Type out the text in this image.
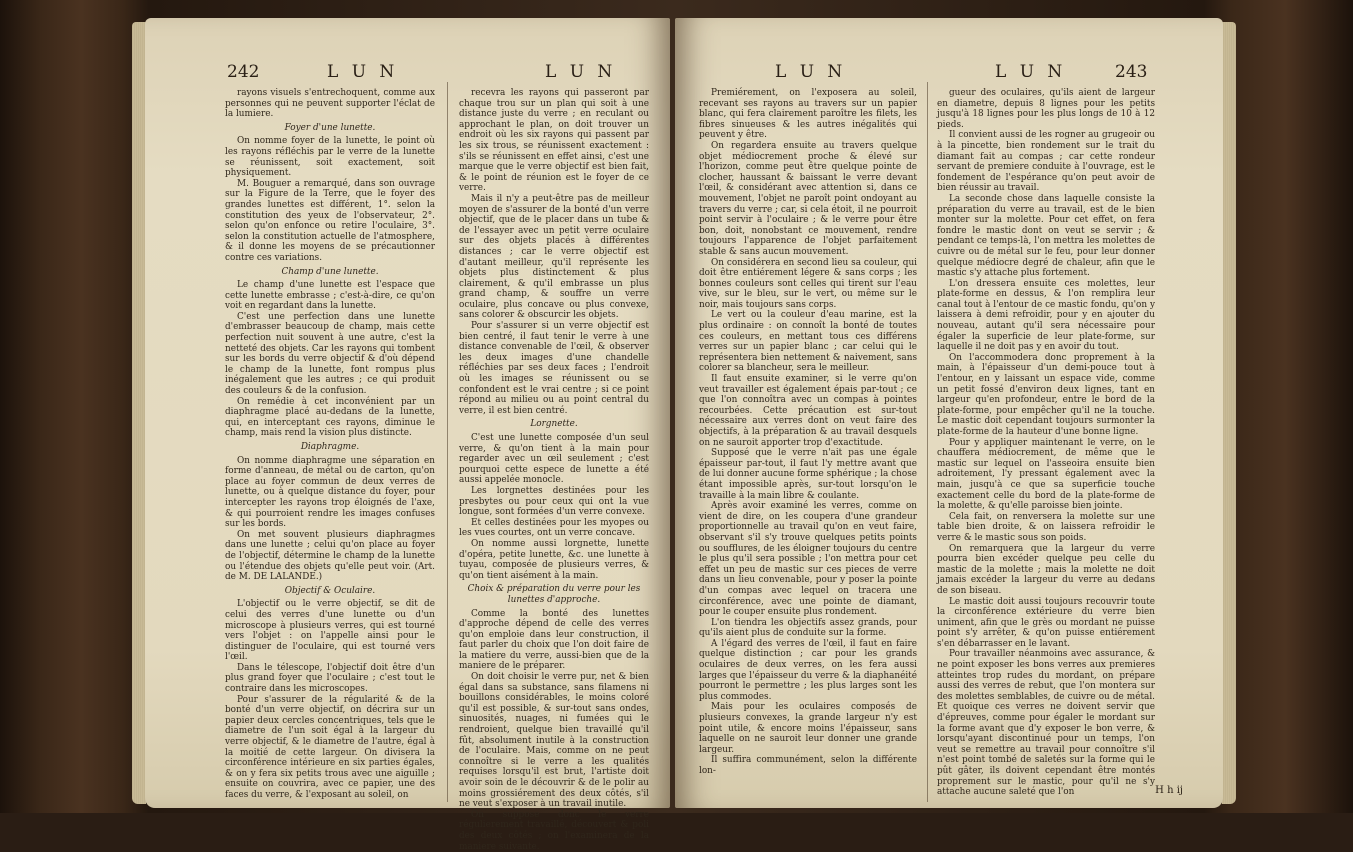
242	L U N	L U N

rayons visuels s'entrechoquent, comme aux personnes qui ne peuvent supporter l'éclat de la lumiere.

Foyer d'une lunette.

On nomme foyer de la lunette, le point où les rayons réfléchis par le verre de la lunette se réunissent, soit exactement, soit physiquement.

M. Bouguer a remarqué, dans son ouvrage sur la Figure de la Terre, que le foyer des grandes lunettes est différent, 1°. selon la constitution des yeux de l'observateur, 2°. selon qu'on enfonce ou retire l'oculaire, 3°. selon la constitution actuelle de l'atmosphere, & il donne les moyens de se précautionner contre ces variations.

Champ d'une lunette.

Le champ d'une lunette est l'espace que cette lunette embrasse ; c'est-à-dire, ce qu'on voit en regardant dans la lunette.

C'est une perfection dans une lunette d'embrasser beaucoup de champ, mais cette perfection nuit souvent à une autre, c'est la netteté des objets. Car les rayons qui tombent sur les bords du verre objectif & d'où dépend le champ de la lunette, font rompus plus inégalement que les autres ; ce qui produit des couleurs & de la confusion.

On remédie à cet inconvénient par un diaphragme placé au-dedans de la lunette, qui, en interceptant ces rayons, diminue le champ, mais rend la vision plus distincte.

Diaphragme.

On nomme diaphragme une séparation en forme d'anneau, de métal ou de carton, qu'on place au foyer commun de deux verres de lunette, ou à quelque distance du foyer, pour intercepter les rayons trop éloignés de l'axe, & qui pourroient rendre les images confuses sur les bords.

On met souvent plusieurs diaphragmes dans une lunette ; celui qu'on place au foyer de l'objectif, détermine le champ de la lunette ou l'étendue des objets qu'elle peut voir. (Art. de M. DE LALANDE.)

Objectif & Oculaire.

L'objectif ou le verre objectif, se dit de celui des verres d'une lunette ou d'un microscope à plusieurs verres, qui est tourné vers l'objet : on l'appelle ainsi pour le distinguer de l'oculaire, qui est tourné vers l'œil.

Dans le télescope, l'objectif doit être d'un plus grand foyer que l'oculaire ; c'est tout le contraire dans les microscopes.

Pour s'assurer de la régularité & de la bonté d'un verre objectif, on décrira sur un papier deux cercles concentriques, tels que le diametre de l'un soit égal à la largeur du verre objectif, & le diametre de l'autre, égal à la moitié de cette largeur. On divisera la circonférence intérieure en six parties égales, & on y fera six petits trous avec une aiguille ; ensuite on couvrira, avec ce papier, une des faces du verre, & l'exposant au soleil, on

recevra les rayons qui passeront par chaque trou sur un plan qui soit à une distance juste du verre ; en reculant ou approchant le plan, on doit trouver un endroit où les six rayons qui passent par les six trous, se réunissent exactement : s'ils se réunissent en effet ainsi, c'est une marque que le verre objectif est bien fait, & le point de réunion est le foyer de ce verre.

Mais il n'y a peut-être pas de meilleur moyen de s'assurer de la bonté d'un verre objectif, que de le placer dans un tube & de l'essayer avec un petit verre oculaire sur des objets placés à différentes distances ; car le verre objectif est d'autant meilleur, qu'il représente les objets plus distinctement & plus clairement, & qu'il embrasse un plus grand champ, & souffre un verre oculaire, plus concave ou plus convexe, sans colorer & obscurcir les objets.

Pour s'assurer si un verre objectif est bien centré, il faut tenir le verre à une distance convenable de l'œil, & observer les deux images d'une chandelle réfléchies par ses deux faces ; l'endroit où les images se réunissent ou se confondent est le vrai centre ; si ce point répond au milieu ou au point central du verre, il est bien centré.

Lorgnette.

C'est une lunette composée d'un seul verre, & qu'on tient à la main pour regarder avec un œil seulement ; c'est pourquoi cette espece de lunette a été aussi appelée monocle.

Les lorgnettes destinées pour les presbytes ou pour ceux qui ont la vue longue, sont formées d'un verre convexe.

Et celles destinées pour les myopes ou les vues courtes, ont un verre concave.

On nomme aussi lorgnette, lunette d'opéra, petite lunette, &c. une lunette à tuyau, composée de plusieurs verres, & qu'on tient aisément à la main.

Choix & préparation du verre pour les lunettes d'approche.

Comme la bonté des lunettes d'approche dépend de celle des verres qu'on emploie dans leur construction, il faut parler du choix que l'on doit faire de la matiere du verre, aussi-bien que de la maniere de le préparer.

On doit choisir le verre pur, net & bien égal dans sa substance, sans filamens ni bouillons considérables, le moins coloré qu'il est possible, & sur-tout sans ondes, sinuosités, nuages, ni fumées qui le rendroient, quelque bien travaillé qu'il fût, absolument inutile à la construction de l'oculaire. Mais, comme on ne peut connoître si le verre a les qualités requises lorsqu'il est brut, l'artiste doit avoir soin de le découvrir & de le polir au moins grossiérement des deux côtés, s'il ne veut s'exposer à un travail inutile.

On suppose donc le verre régulierement travaillé, découvert & poli des deux côtés ; on l'examinera de la maniere suivante.

L U N	L U N	243

Premiérement, on l'exposera au soleil, recevant ses rayons au travers sur un papier blanc, qui fera clairement paroître les filets, les fibres sinueuses & les autres inégalités qui peuvent y être.

On regardera ensuite au travers quelque objet médiocrement proche & élevé sur l'horizon, comme peut être quelque pointe de clocher, haussant & baissant le verre devant l'œil, & considérant avec attention si, dans ce mouvement, l'objet ne paroît point ondoyant au travers du verre ; car, si cela étoit, il ne pourroit point servir à l'oculaire ; & le verre pour être bon, doit, nonobstant ce mouvement, rendre toujours l'apparence de l'objet parfaitement stable & sans aucun mouvement.

On considérera en second lieu sa couleur, qui doit être entiérement légere & sans corps ; les bonnes couleurs sont celles qui tirent sur l'eau vive, sur le bleu, sur le vert, ou même sur le noir, mais toujours sans corps.

Le vert ou la couleur d'eau marine, est la plus ordinaire : on connoît la bonté de toutes ces couleurs, en mettant tous ces différens verres sur un papier blanc ; car celui qui le représentera bien nettement & naivement, sans colorer sa blancheur, sera le meilleur.

Il faut ensuite examiner, si le verre qu'on veut travailler est également épais par-tout ; ce que l'on connoîtra avec un compas à pointes recourbées. Cette précaution est sur-tout nécessaire aux verres dont on veut faire des objectifs, à la préparation & au travail desquels on ne sauroit apporter trop d'exactitude.

Supposé que le verre n'ait pas une égale épaisseur par-tout, il faut l'y mettre avant que de lui donner aucune forme sphérique ; la chose étant impossible après, sur-tout lorsqu'on le travaille à la main libre & coulante.

Après avoir examiné les verres, comme on vient de dire, on les coupera d'une grandeur proportionnelle au travail qu'on en veut faire, observant s'il s'y trouve quelques petits points ou soufflures, de les éloigner toujours du centre le plus qu'il sera possible ; l'on mettra pour cet effet un peu de mastic sur ces pieces de verre dans un lieu convenable, pour y poser la pointe d'un compas avec lequel on tracera une circonférence, avec une pointe de diamant, pour le couper ensuite plus rondement.

L'on tiendra les objectifs assez grands, pour qu'ils aient plus de conduite sur la forme.

A l'égard des verres de l'œil, il faut en faire quelque distinction ; car pour les grands oculaires de deux verres, on les fera aussi larges que l'épaisseur du verre & la diaphanéité pourront le permettre ; les plus larges sont les plus commodes.

Mais pour les oculaires composés de plusieurs convexes, la grande largeur n'y est point utile, & encore moins l'épaisseur, sans laquelle on ne sauroit leur donner une grande largeur.

Il suffira communément, selon la différente lon-

gueur des oculaires, qu'ils aient de largeur en diametre, depuis 8 lignes pour les petits jusqu'à 18 lignes pour les plus longs de 10 à 12 pieds.

Il convient aussi de les rogner au grugeoir ou à la pincette, bien rondement sur le trait du diamant fait au compas ; car cette rondeur servant de premiere conduite à l'ouvrage, est le fondement de l'espérance qu'on peut avoir de bien réussir au travail.

La seconde chose dans laquelle consiste la préparation du verre au travail, est de le bien monter sur la molette. Pour cet effet, on fera fondre le mastic dont on veut se servir ; & pendant ce temps-là, l'on mettra les molettes de cuivre ou de métal sur le feu, pour leur donner quelque médiocre degré de chaleur, afin que le mastic s'y attache plus fortement.

L'on dressera ensuite ces molettes, leur plate-forme en dessus, & l'on remplira leur canal tout à l'entour de ce mastic fondu, qu'on y laissera à demi refroidir, pour y en ajouter du nouveau, autant qu'il sera nécessaire pour égaler la superficie de leur plate-forme, sur laquelle il ne doit pas y en avoir du tout.

On l'accommodera donc proprement à la main, à l'épaisseur d'un demi-pouce tout à l'entour, en y laissant un espace vide, comme un petit fossé d'environ deux lignes, tant en largeur qu'en profondeur, entre le bord de la plate-forme, pour empêcher qu'il ne la touche. Le mastic doit cependant toujours surmonter la plate-forme de la hauteur d'une bonne ligne.

Pour y appliquer maintenant le verre, on le chauffera médiocrement, de même que le mastic sur lequel on l'asseoira ensuite bien adroitement, l'y pressant également avec la main, jusqu'à ce que sa superficie touche exactement celle du bord de la plate-forme de la molette, & qu'elle paroisse bien jointe.

Cela fait, on renversera la molette sur une table bien droite, & on laissera refroidir le verre & le mastic sous son poids.

On remarquera que la largeur du verre pourra bien excéder quelque peu celle du mastic de la molette ; mais la molette ne doit jamais excéder la largeur du verre au dedans de son biseau.

Le mastic doit aussi toujours recouvrir toute la circonférence extérieure du verre bien uniment, afin que le grès ou mordant ne puisse point s'y arrêter, & qu'on puisse entiérement s'en débarrasser en le lavant.

Pour travailler néanmoins avec assurance, & ne point exposer les bons verres aux premieres atteintes trop rudes du mordant, on prépare aussi des verres de rebut, que l'on montera sur des molettes semblables, de cuivre ou de métal. Et quoique ces verres ne doivent servir que d'épreuves, comme pour égaler le mordant sur la forme avant que d'y exposer le bon verre, & lorsqu'ayant discontinué pour un temps, l'on veut se remettre au travail pour connoître s'il n'est point tombé de saletés sur la forme qui le pût gâter, ils doivent cependant être montés proprement sur le mastic, pour qu'il ne s'y attache aucune saleté que l'on	H h ij
